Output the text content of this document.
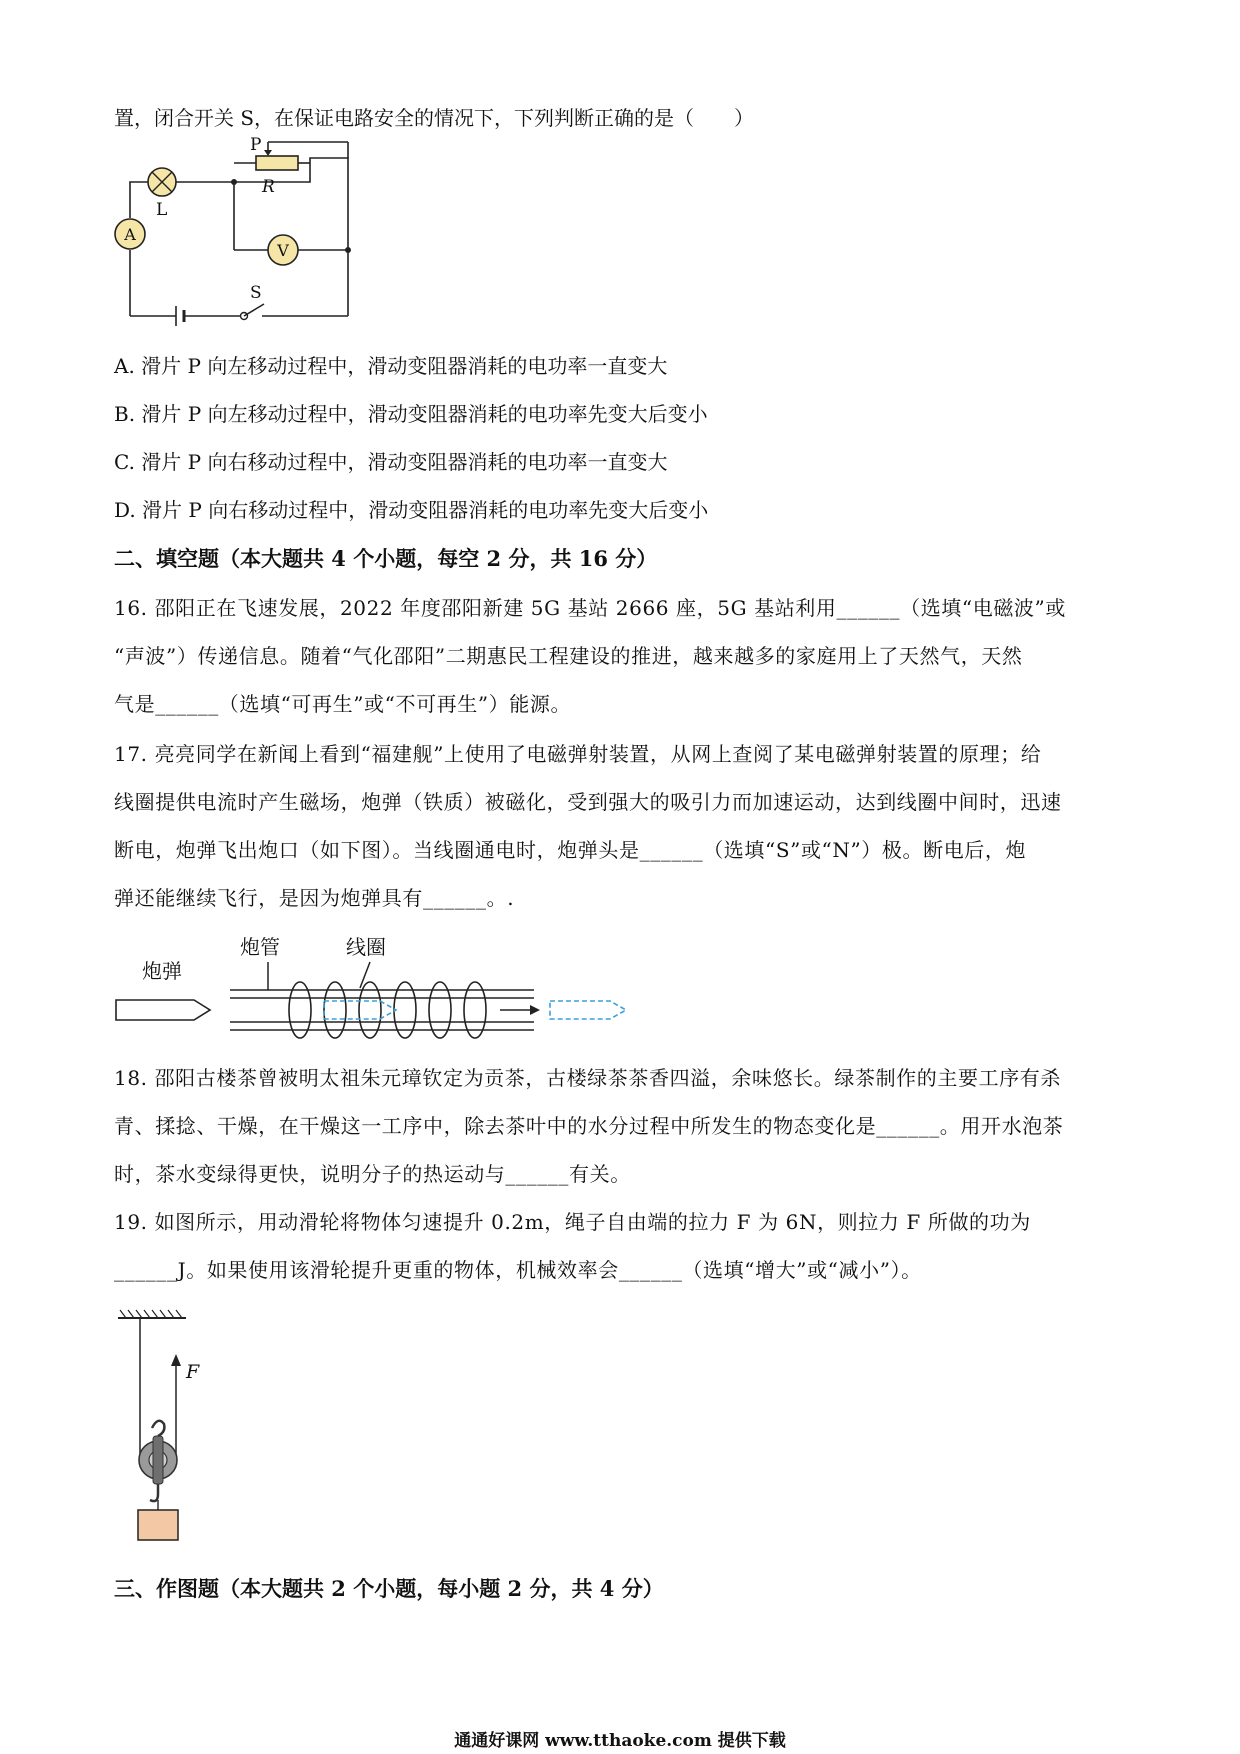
置，闭合开关 S，在保证电路安全的情况下，下列判断正确的是（　　）
A
V
P
R
L
S
A. 滑片 P 向左移动过程中，滑动变阻器消耗的电功率一直变大
B. 滑片 P 向左移动过程中，滑动变阻器消耗的电功率先变大后变小
C. 滑片 P 向右移动过程中，滑动变阻器消耗的电功率一直变大
D. 滑片 P 向右移动过程中，滑动变阻器消耗的电功率先变大后变小
二、填空题（本大题共 4 个小题，每空 2 分，共 16 分）
16. 邵阳正在飞速发展，2022 年度邵阳新建 5G 基站 2666 座，5G 基站利用______（选填“电磁波”或
“声波”）传递信息。随着“气化邵阳”二期惠民工程建设的推进，越来越多的家庭用上了天然气，天然
气是______（选填“可再生”或“不可再生”）能源。
17. 亮亮同学在新闻上看到“福建舰”上使用了电磁弹射装置，从网上查阅了某电磁弹射装置的原理；给
线圈提供电流时产生磁场，炮弹（铁质）被磁化，受到强大的吸引力而加速运动，达到线圈中间时，迅速
断电，炮弹飞出炮口（如下图）。当线圈通电时，炮弹头是______（选填“S”或“N”）极。断电后，炮
弹还能继续飞行，是因为炮弹具有______。.
炮弹
炮管	线圈
18. 邵阳古楼茶曾被明太祖朱元璋钦定为贡茶，古楼绿茶茶香四溢，余味悠长。绿茶制作的主要工序有杀
青、揉捻、干燥，在干燥这一工序中，除去茶叶中的水分过程中所发生的物态变化是______。用开水泡茶
时，茶水变绿得更快，说明分子的热运动与______有关。
19. 如图所示，用动滑轮将物体匀速提升 0.2m，绳子自由端的拉力 F 为 6N，则拉力 F 所做的功为
______J。如果使用该滑轮提升更重的物体，机械效率会______（选填“增大”或“减小”）。
F
三、作图题（本大题共 2 个小题，每小题 2 分，共 4 分）
通通好课网 www.tthaoke.com 提供下载
